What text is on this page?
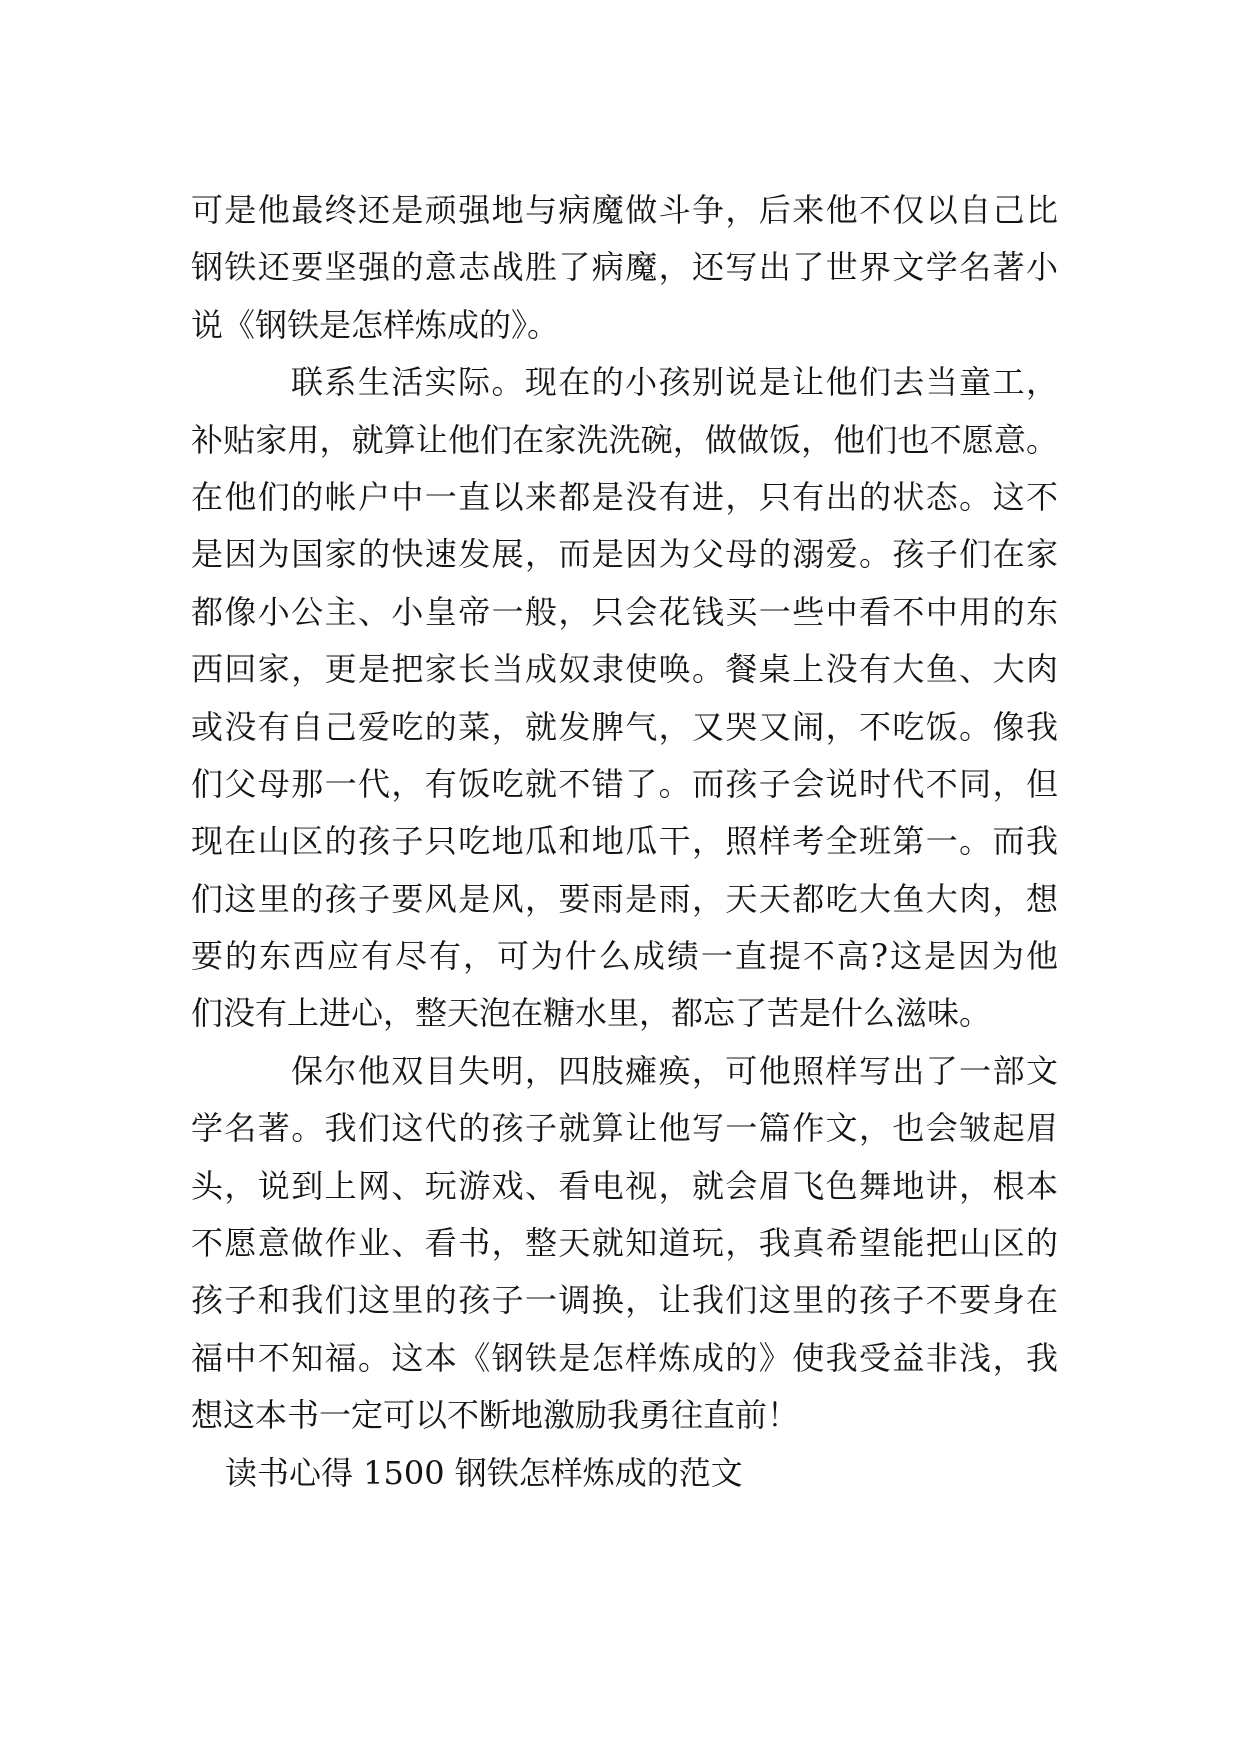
可是他最终还是顽强地与病魔做斗争，后来他不仅以自己比
钢铁还要坚强的意志战胜了病魔，还写出了世界文学名著小
说《钢铁是怎样炼成的》。
联系生活实际。现在的小孩别说是让他们去当童工，
补贴家用，就算让他们在家洗洗碗，做做饭，他们也不愿意。
在他们的帐户中一直以来都是没有进，只有出的状态。这不
是因为国家的快速发展，而是因为父母的溺爱。孩子们在家
都像小公主、小皇帝一般，只会花钱买一些中看不中用的东
西回家，更是把家长当成奴隶使唤。餐桌上没有大鱼、大肉
或没有自己爱吃的菜，就发脾气，又哭又闹，不吃饭。像我
们父母那一代，有饭吃就不错了。而孩子会说时代不同，但
现在山区的孩子只吃地瓜和地瓜干，照样考全班第一。而我
们这里的孩子要风是风，要雨是雨，天天都吃大鱼大肉，想
要的东西应有尽有，可为什么成绩一直提不高?这是因为他
们没有上进心，整天泡在糖水里，都忘了苦是什么滋味。
保尔他双目失明，四肢瘫痪，可他照样写出了一部文
学名著。我们这代的孩子就算让他写一篇作文，也会皱起眉
头，说到上网、玩游戏、看电视，就会眉飞色舞地讲，根本
不愿意做作业、看书，整天就知道玩，我真希望能把山区的
孩子和我们这里的孩子一调换，让我们这里的孩子不要身在
福中不知福。这本《钢铁是怎样炼成的》使我受益非浅，我
想这本书一定可以不断地激励我勇往直前！
读书心得 1500 钢铁怎样炼成的范文
